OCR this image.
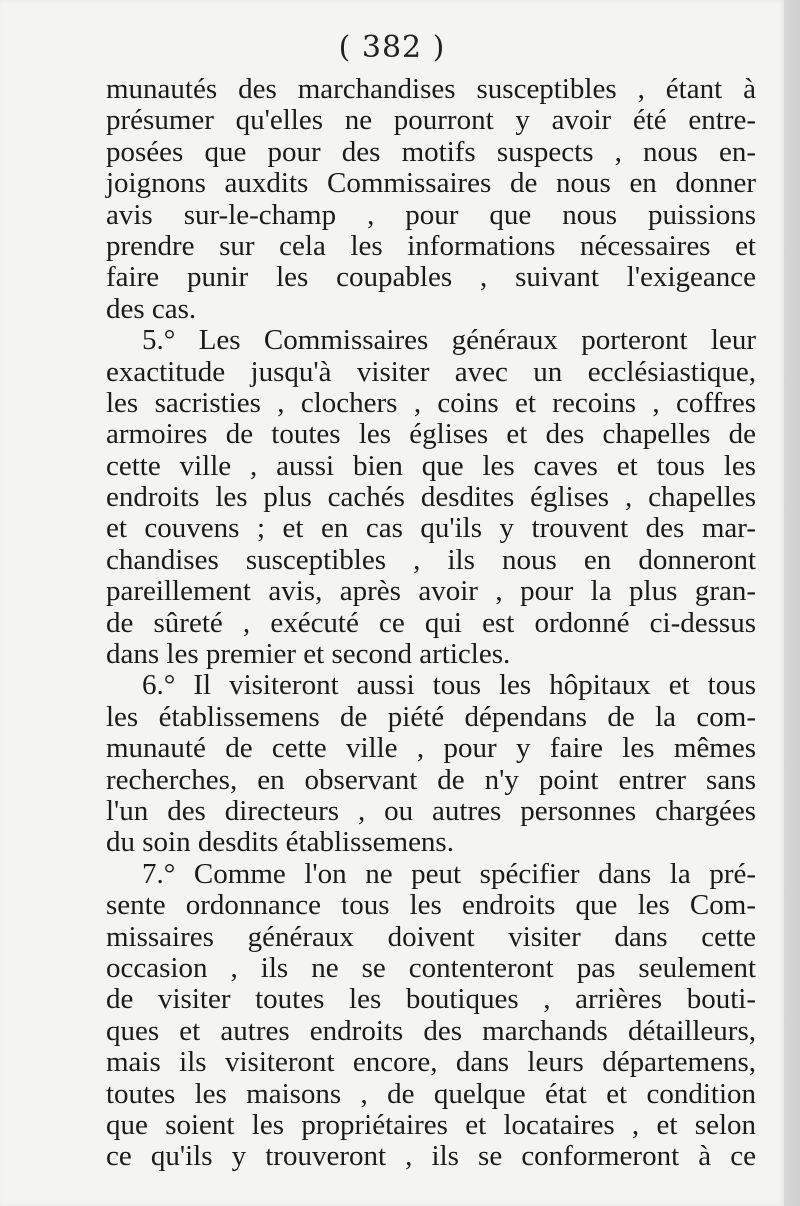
( 382 )
munautés des marchandises susceptibles , étant à
présumer qu'elles ne pourront y avoir été entre-
posées que pour des motifs suspects , nous en-
joignons auxdits Commissaires de nous en donner
avis sur-le-champ , pour que nous puissions
prendre sur cela les informations nécessaires et
faire punir les coupables , suivant l'exigeance
des cas.
5.° Les Commissaires généraux porteront leur
exactitude jusqu'à visiter avec un ecclésiastique,
les sacristies , clochers , coins et recoins , coffres
armoires de toutes les églises et des chapelles de
cette ville , aussi bien que les caves et tous les
endroits les plus cachés desdites églises , chapelles
et couvens ; et en cas qu'ils y trouvent des mar-
chandises susceptibles , ils nous en donneront
pareillement avis, après avoir , pour la plus gran-
de sûreté , exécuté ce qui est ordonné ci-dessus
dans les premier et second articles.
6.° Il visiteront aussi tous les hôpitaux et tous
les établissemens de piété dépendans de la com-
munauté de cette ville , pour y faire les mêmes
recherches, en observant de n'y point entrer sans
l'un des directeurs , ou autres personnes chargées
du soin desdits établissemens.
7.° Comme l'on ne peut spécifier dans la pré-
sente ordonnance tous les endroits que les Com-
missaires généraux doivent visiter dans cette
occasion , ils ne se contenteront pas seulement
de visiter toutes les boutiques , arrières bouti-
ques et autres endroits des marchands détailleurs,
mais ils visiteront encore, dans leurs départemens,
toutes les maisons , de quelque état et condition
que soient les propriétaires et locataires , et selon
ce qu'ils y trouveront , ils se conformeront à ce
